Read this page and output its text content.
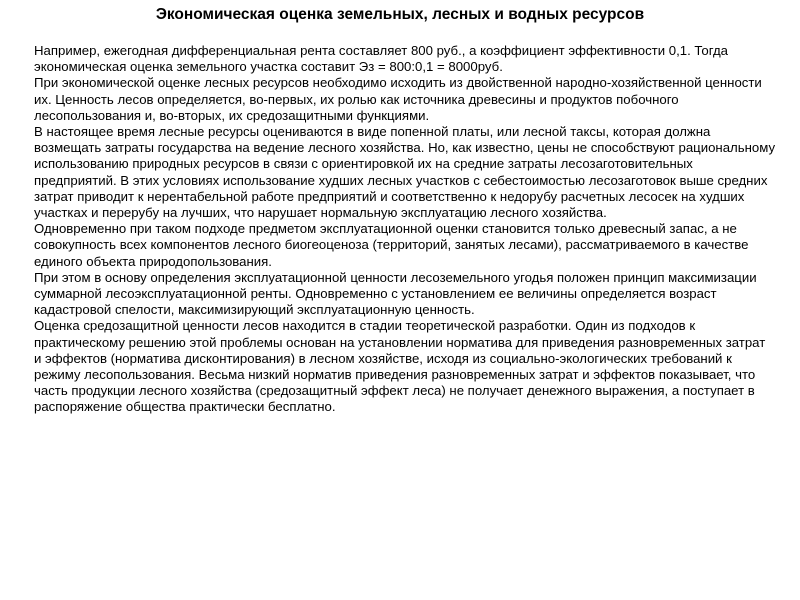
Экономическая оценка земельных, лесных и водных ресурсов

Например, ежегодная дифференциальная рента составляет 800 руб., а коэффициент эффективности 0,1. Тогда экономическая оценка земельного участка составит Эз = 800:0,1 = 8000руб.

При экономической оценке лесных ресурсов необходимо исходить из двойственной народно-хозяйственной ценности их. Ценность лесов определяется, во-первых, их ролью как источника древесины и продуктов побочного лесопользования и, во-вторых, их средозащитными функциями.

В настоящее время лесные ресурсы оцениваются в виде попенной платы, или лесной таксы, которая должна возмещать затраты государства на ведение лесного хозяйства. Но, как известно, цены не способствуют рациональному использованию природных ресурсов в связи с ориентировкой их на средние затраты лесозаготовительных предприятий. В этих условиях использование худших лесных участков с себестоимостью лесозаготовок выше средних затрат приводит к нерентабельной работе предприятий и соответственно к недорубу расчетных лесосек на худших участках и перерубу на лучших, что нарушает нормальную эксплуатацию лесного хозяйства.

Одновременно при таком подходе предметом эксплуатационной оценки становится только древесный запас, а не совокупность всех компонентов лесного биогеоценоза (территорий, занятых лесами), рассматриваемого в качестве единого объекта природопользования.

При этом в основу определения эксплуатационной ценности лесоземельного угодья положен принцип максимизации суммарной лесоэксплуатационной ренты. Одновременно с установлением ее величины определяется возраст кадастровой спелости, максимизирующий эксплуатационную ценность.

Оценка средозащитной ценности лесов находится в стадии теоретической разработки. Один из подходов к практическому решению этой проблемы основан на установлении норматива для приведения разновременных затрат и эффектов (норматива дисконтирования) в лесном хозяйстве, исходя из социально-экологических требований к режиму лесопользования. Весьма низкий норматив приведения разновременных затрат и эффектов показывает, что часть продукции лесного хозяйства (средозащитный эффект леса) не получает денежного выражения, а поступает в распоряжение общества практически бесплатно.
